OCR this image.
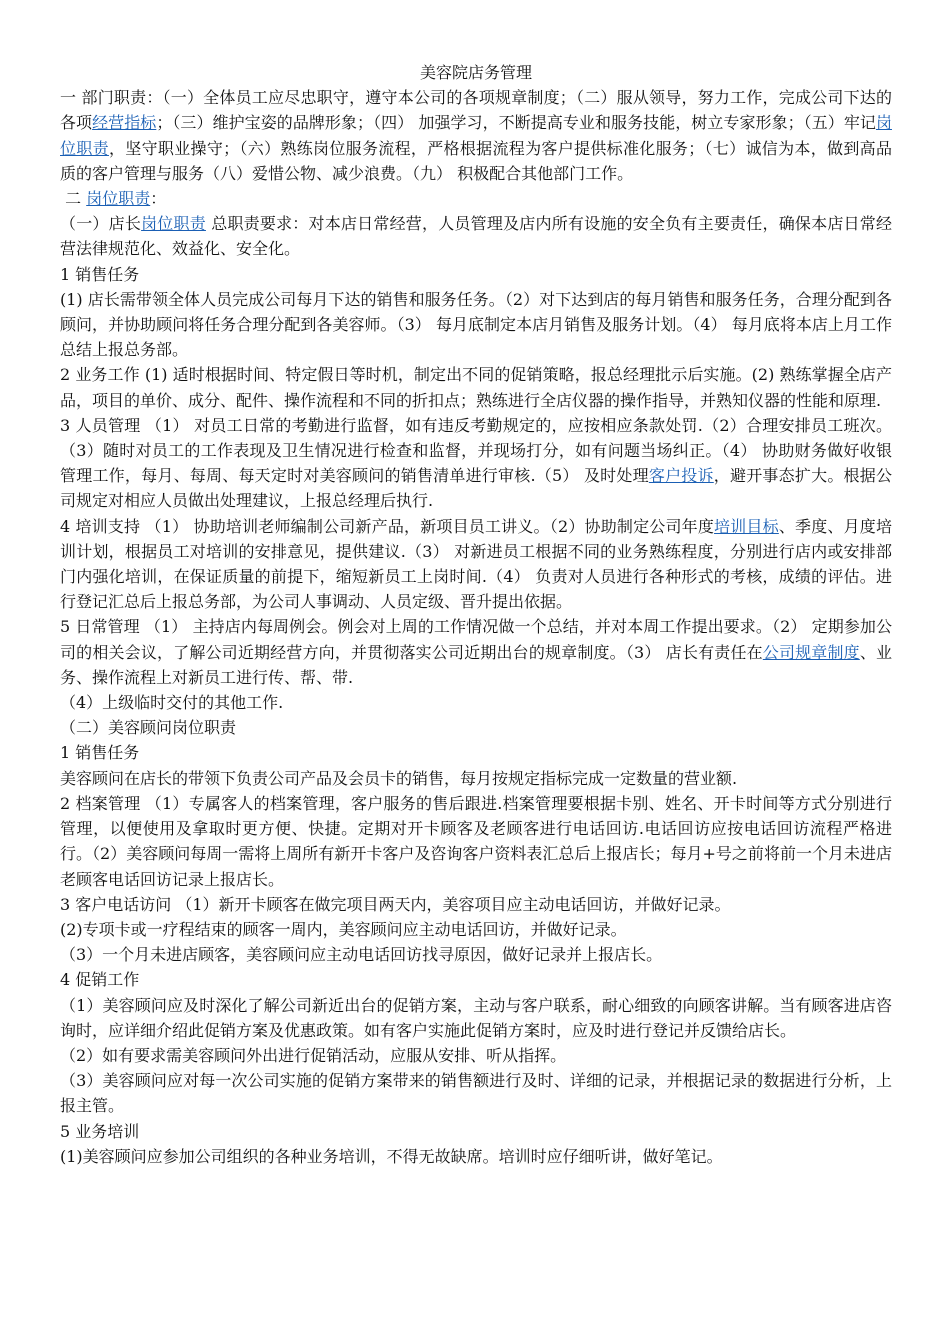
美容院店务管理

一 部门职责：（一）全体员工应尽忠职守，遵守本公司的各项规章制度；（二）服从领导，努力工作，完成公司下达的各项经营指标；（三）维护宝姿的品牌形象；（四） 加强学习，不断提高专业和服务技能，树立专家形象；（五）牢记岗位职责，坚守职业操守；（六）熟练岗位服务流程，严格根据流程为客户提供标准化服务；（七）诚信为本，做到高品质的客户管理与服务（八）爱惜公物、减少浪费。（九） 积极配合其他部门工作。

二 岗位职责：

（一）店长岗位职责 总职责要求：对本店日常经营，人员管理及店内所有设施的安全负有主要责任，确保本店日常经营法律规范化、效益化、安全化。

1 销售任务

(1) 店长需带领全体人员完成公司每月下达的销售和服务任务。（2）对下达到店的每月销售和服务任务，合理分配到各顾问，并协助顾问将任务合理分配到各美容师。（3） 每月底制定本店月销售及服务计划。（4） 每月底将本店上月工作总结上报总务部。

2 业务工作 (1) 适时根据时间、特定假日等时机，制定出不同的促销策略，报总经理批示后实施。(2) 熟练掌握全店产品，项目的单价、成分、配件、操作流程和不同的折扣点；熟练进行全店仪器的操作指导，并熟知仪器的性能和原理.

3 人员管理 （1） 对员工日常的考勤进行监督，如有违反考勤规定的，应按相应条款处罚.（2）合理安排员工班次。（3）随时对员工的工作表现及卫生情况进行检查和监督，并现场打分，如有问题当场纠正。（4） 协助财务做好收银管理工作，每月、每周、每天定时对美容顾问的销售清单进行审核.（5） 及时处理客户投诉，避开事态扩大。根据公司规定对相应人员做出处理建议，上报总经理后执行.

4 培训支持 （1） 协助培训老师编制公司新产品，新项目员工讲义。（2）协助制定公司年度培训目标、季度、月度培训计划，根据员工对培训的安排意见，提供建议.（3） 对新进员工根据不同的业务熟练程度，分别进行店内或安排部门内强化培训，在保证质量的前提下，缩短新员工上岗时间.（4） 负责对人员进行各种形式的考核，成绩的评估。进行登记汇总后上报总务部，为公司人事调动、人员定级、晋升提出依据。

5 日常管理 （1） 主持店内每周例会。例会对上周的工作情况做一个总结，并对本周工作提出要求。（2） 定期参加公司的相关会议，了解公司近期经营方向，并贯彻落实公司近期出台的规章制度。（3） 店长有责任在公司规章制度、业务、操作流程上对新员工进行传、帮、带.

（4）上级临时交付的其他工作.

（二）美容顾问岗位职责

1 销售任务

美容顾问在店长的带领下负责公司产品及会员卡的销售，每月按规定指标完成一定数量的营业额.

2 档案管理 （1）专属客人的档案管理，客户服务的售后跟进.档案管理要根据卡别、姓名、开卡时间等方式分别进行管理，以便使用及拿取时更方便、快捷。定期对开卡顾客及老顾客进行电话回访.电话回访应按电话回访流程严格进行。（2）美容顾问每周一需将上周所有新开卡客户及咨询客户资料表汇总后上报店长；每月+号之前将前一个月未进店老顾客电话回访记录上报店长。

3 客户电话访问 （1）新开卡顾客在做完项目两天内，美容项目应主动电话回访，并做好记录。

(2)专项卡或一疗程结束的顾客一周内，美容顾问应主动电话回访，并做好记录。

（3）一个月未进店顾客，美容顾问应主动电话回访找寻原因，做好记录并上报店长。

4 促销工作

（1）美容顾问应及时深化了解公司新近出台的促销方案，主动与客户联系，耐心细致的向顾客讲解。当有顾客进店咨询时，应详细介绍此促销方案及优惠政策。如有客户实施此促销方案时，应及时进行登记并反馈给店长。

（2）如有要求需美容顾问外出进行促销活动，应服从安排、听从指挥。

（3）美容顾问应对每一次公司实施的促销方案带来的销售额进行及时、详细的记录，并根据记录的数据进行分析，上报主管。

5 业务培训

(1)美容顾问应参加公司组织的各种业务培训，不得无故缺席。培训时应仔细听讲，做好笔记。
